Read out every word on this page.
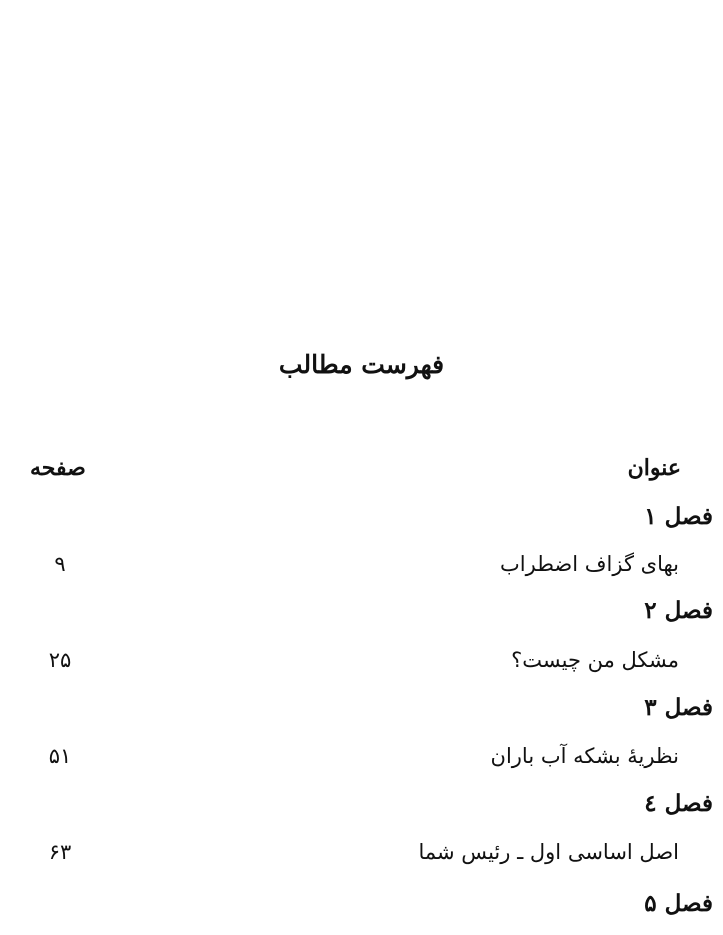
فهرست مطالب
عنوان
صفحه
فصل ۱
بهای گزاف اضطراب
۹
فصل ۲
مشکل من چیست؟
۲۵
فصل ۳
نظریهٔ بشکه آب باران
۵۱
فصل ٤
اصل اساسی اول ـ رئیس شما
۶۳
فصل ۵
